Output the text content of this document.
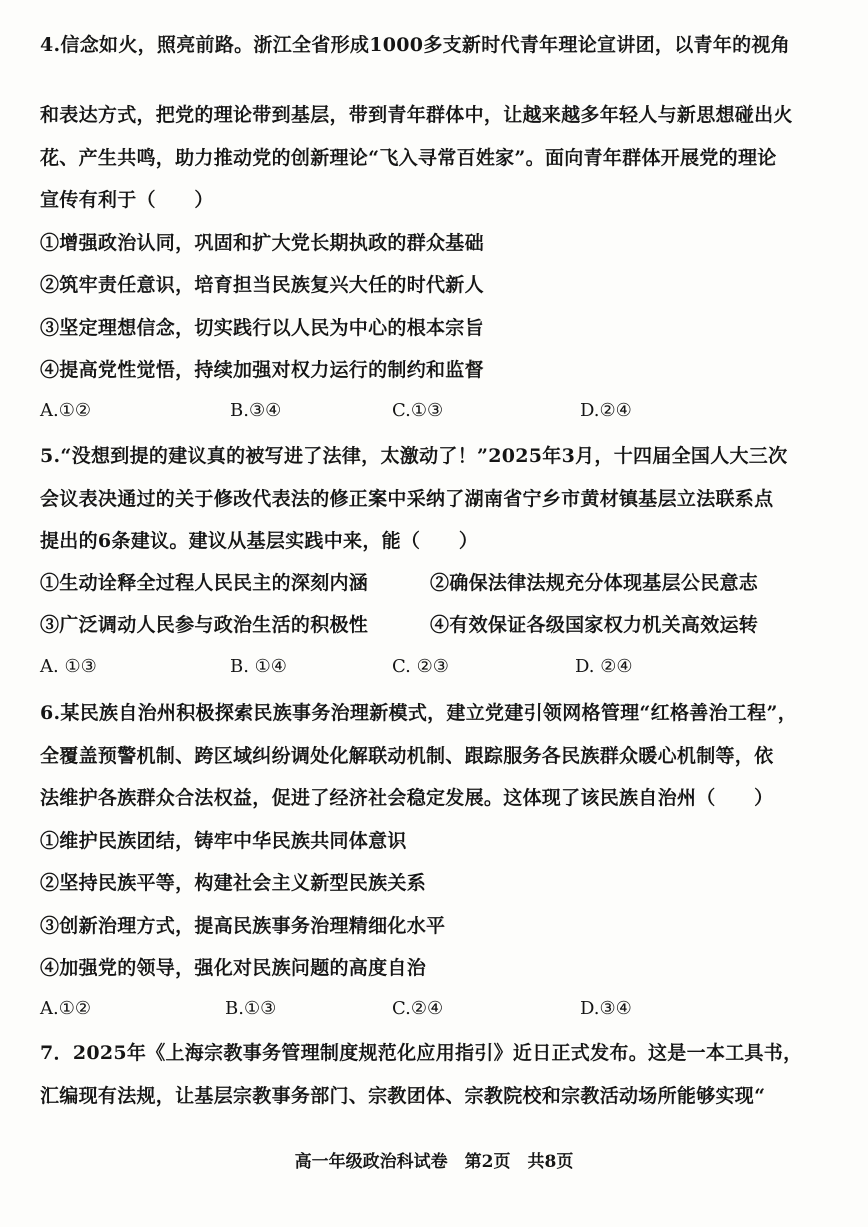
4.信念如火，照亮前路。浙江全省形成1000多支新时代青年理论宣讲团，以青年的视角
和表达方式，把党的理论带到基层，带到青年群体中，让越来越多年轻人与新思想碰出火
花、产生共鸣，助力推动党的创新理论“飞入寻常百姓家”。面向青年群体开展党的理论
宣传有利于（　　）
①增强政治认同，巩固和扩大党长期执政的群众基础
②筑牢责任意识，培育担当民族复兴大任的时代新人
③坚定理想信念，切实践行以人民为中心的根本宗旨
④提高党性觉悟，持续加强对权力运行的制约和监督
A.①②	B.③④	C.①③	D.②④
5.“没想到提的建议真的被写进了法律，太激动了！”2025年3月，十四届全国人大三次
会议表决通过的关于修改代表法的修正案中采纳了湖南省宁乡市黄材镇基层立法联系点
提出的6条建议。建议从基层实践中来，能（　　）
①生动诠释全过程人民民主的深刻内涵	②确保法律法规充分体现基层公民意志
③广泛调动人民参与政治生活的积极性	④有效保证各级国家权力机关高效运转
A. ①③	B. ①④	C. ②③	D. ②④
6.某民族自治州积极探索民族事务治理新模式，建立党建引领网格管理“红格善治工程”，
全覆盖预警机制、跨区域纠纷调处化解联动机制、跟踪服务各民族群众暖心机制等，依
法维护各族群众合法权益，促进了经济社会稳定发展。这体现了该民族自治州（　　）
①维护民族团结，铸牢中华民族共同体意识
②坚持民族平等，构建社会主义新型民族关系
③创新治理方式，提高民族事务治理精细化水平
④加强党的领导，强化对民族问题的高度自治
A.①②	B.①③	C.②④	D.③④
7．2025年《上海宗教事务管理制度规范化应用指引》近日正式发布。这是一本工具书，
汇编现有法规，让基层宗教事务部门、宗教团体、宗教院校和宗教活动场所能够实现“
高一年级政治科试卷　第2页　共8页
